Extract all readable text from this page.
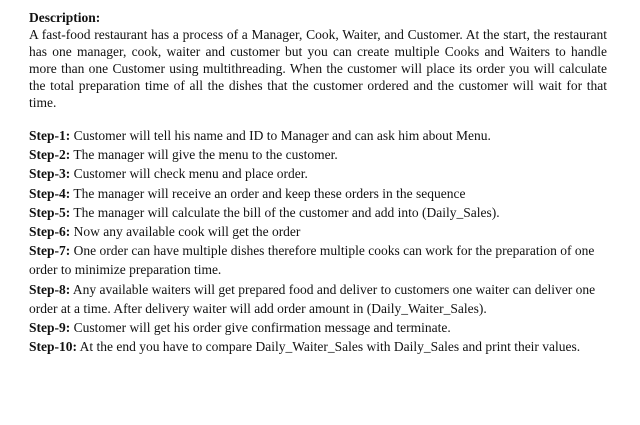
Description:

A fast-food restaurant has a process of a Manager, Cook, Waiter, and Customer. At the start, the restaurant has one manager, cook, waiter and customer but you can create multiple Cooks and Waiters to handle more than one Customer using multithreading. When the customer will place its order you will calculate the total preparation time of all the dishes that the customer ordered and the customer will wait for that time.

Step-1: Customer will tell his name and ID to Manager and can ask him about Menu.

Step-2: The manager will give the menu to the customer.

Step-3: Customer will check menu and place order.

Step-4: The manager will receive an order and keep these orders in the sequence

Step-5: The manager will calculate the bill of the customer and add into (Daily_Sales).

Step-6: Now any available cook will get the order

Step-7: One order can have multiple dishes therefore multiple cooks can work for the preparation of one order to minimize preparation time.

Step-8: Any available waiters will get prepared food and deliver to customers one waiter can deliver one order at a time. After delivery waiter will add order amount in (Daily_Waiter_Sales).

Step-9: Customer will get his order give confirmation message and terminate.

Step-10: At the end you have to compare Daily_Waiter_Sales with Daily_Sales and print their values.
